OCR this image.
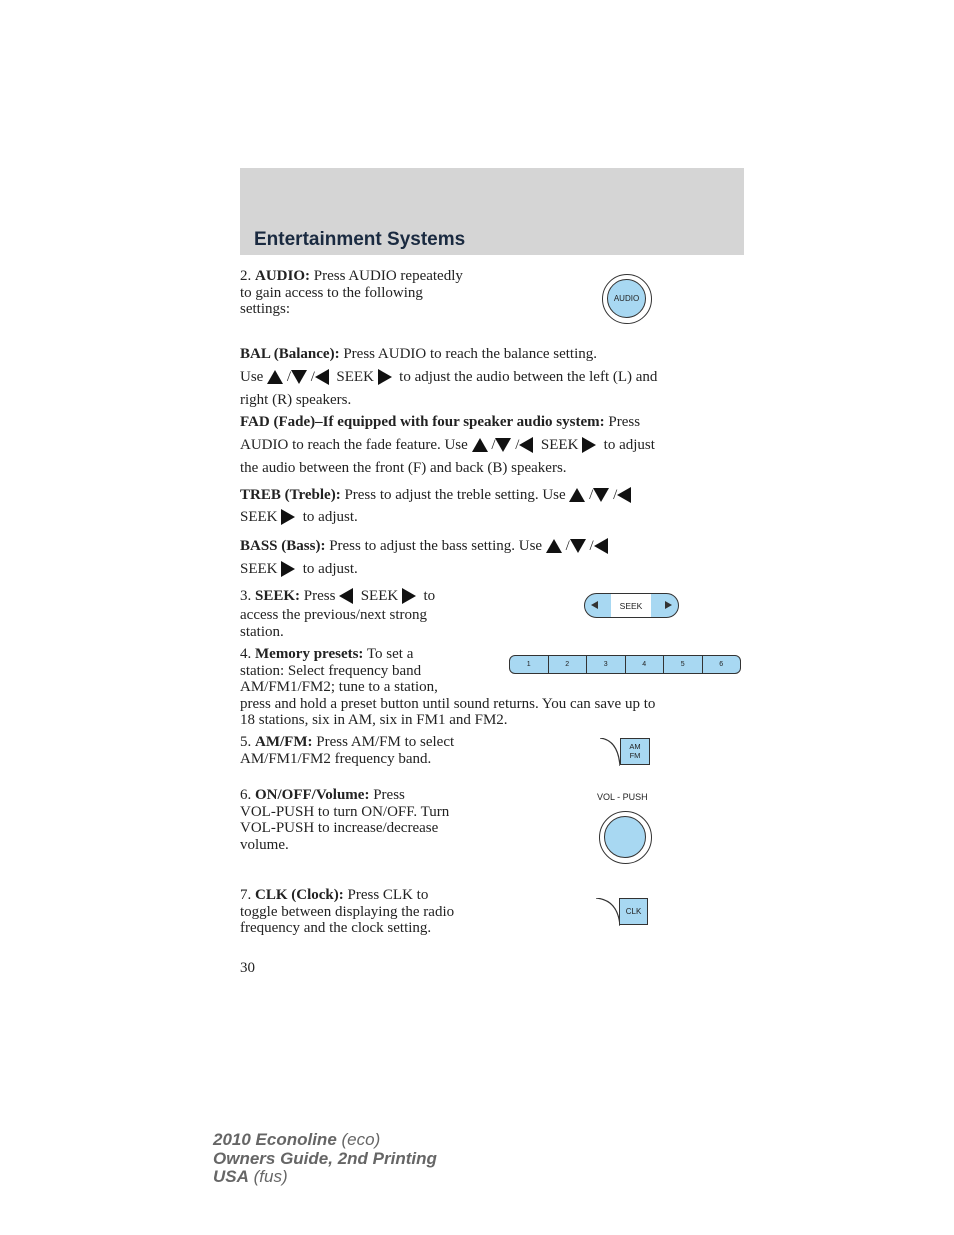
Entertainment Systems
2. AUDIO: Press AUDIO repeatedly
to gain access to the following
settings:
AUDIO
BAL (Balance): Press AUDIO to reach the balance setting.
Use / / SEEK to adjust the audio between the left (L) and
right (R) speakers.
FAD (Fade)–If equipped with four speaker audio system: Press
AUDIO to reach the fade feature. Use  / / SEEK to adjust
the audio between the front (F) and back (B) speakers.
TREB (Treble): Press to adjust the treble setting. Use  / /
SEEK to adjust.
BASS (Bass): Press to adjust the bass setting. Use  / /
SEEK to adjust.
3. SEEK: Press SEEK to
access the previous/next strong
station.
SEEK
4. Memory presets: To set a
station: Select frequency band
AM/FM1/FM2; tune to a station,
press and hold a preset button until sound returns. You can save up to
18 stations, six in AM, six in FM1 and FM2.
1	2	3	4	5	6
5. AM/FM: Press AM/FM to select
AM/FM1/FM2 frequency band.
AM
FM
6. ON/OFF/Volume: Press
VOL-PUSH to turn ON/OFF. Turn
VOL-PUSH to increase/decrease
volume.
VOL - PUSH
7. CLK (Clock): Press CLK to
toggle between displaying the radio
frequency and the clock setting.
CLK
30
2010 Econoline (eco)
Owners Guide, 2nd Printing
USA (fus)
